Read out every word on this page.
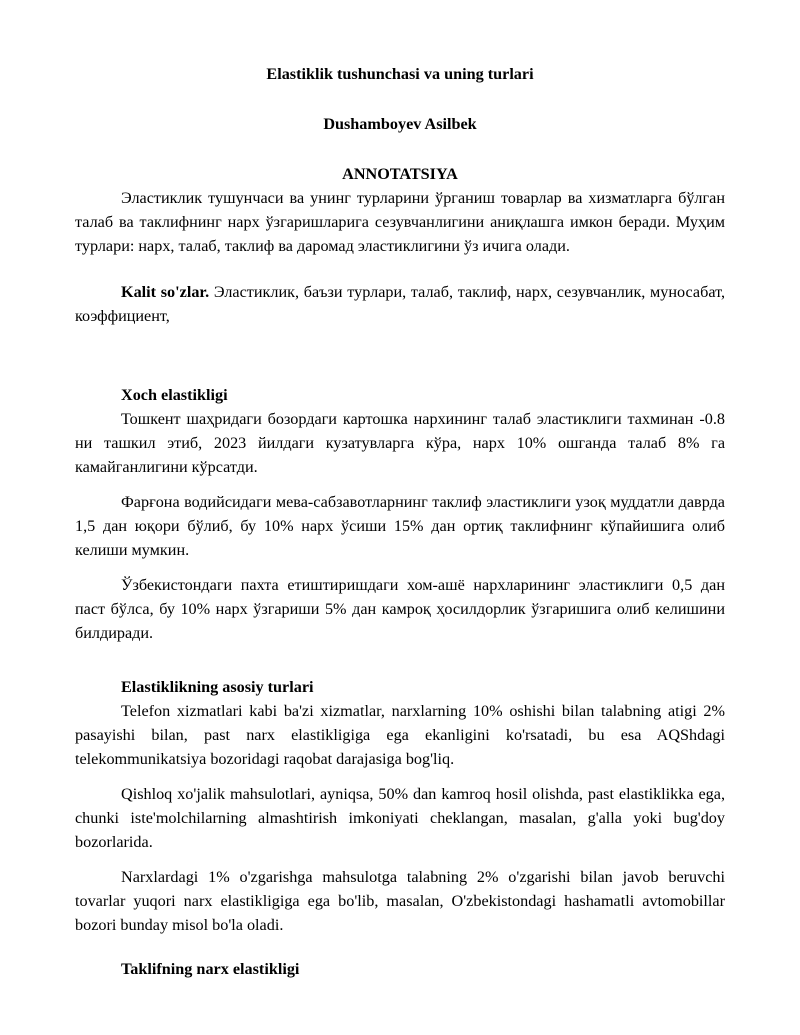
Elastiklik tushunchasi va uning turlari
Dushamboyev Asilbek
ANNOTATSIYA

Эластиклик тушунчаси ва унинг турларини ўрганиш товарлар ва хизматларга бўлган талаб ва таклифнинг нарх ўзгаришларига сезувчанлигини аниқлашга имкон беради. Муҳим турлари: нарх, талаб, таклиф ва даромад эластиклигини ўз ичига олади.

Kalit so'zlar. Эластиклик, баъзи турлари, талаб, таклиф, нарх, сезувчанлик, муносабат, коэффициент,

Xoch elastikligi

Тошкент шаҳридаги бозордаги картошка нархининг талаб эластиклиги тахминан -0.8 ни ташкил этиб, 2023 йилдаги кузатувларга кўра, нарх 10% ошганда талаб 8% га камайганлигини кўрсатди.

Фарғона водийсидаги мева-сабзавотларнинг таклиф эластиклиги узоқ муддатли даврда 1,5 дан юқори бўлиб, бу 10% нарх ўсиши 15% дан ортиқ таклифнинг кўпайишига олиб келиши мумкин.

Ўзбекистондаги пахта етиштиришдаги хом-ашё нархларининг эластиклиги 0,5 дан паст бўлса, бу 10% нарх ўзгариши 5% дан камроқ ҳосилдорлик ўзгаришига олиб келишини билдиради.

Elastiklikning asosiy turlari

Telefon xizmatlari kabi ba'zi xizmatlar, narxlarning 10% oshishi bilan talabning atigi 2% pasayishi bilan, past narx elastikligiga ega ekanligini ko'rsatadi, bu esa AQShdagi telekommunikatsiya bozoridagi raqobat darajasiga bog'liq.

Qishloq xo'jalik mahsulotlari, ayniqsa, 50% dan kamroq hosil olishda, past elastiklikka ega, chunki iste'molchilarning almashtirish imkoniyati cheklangan, masalan, g'alla yoki bug'doy bozorlarida.

Narxlardagi 1% o'zgarishga mahsulotga talabning 2% o'zgarishi bilan javob beruvchi tovarlar yuqori narx elastikligiga ega bo'lib, masalan, O'zbekistondagi hashamatli avtomobillar bozori bunday misol bo'la oladi.

Taklifning narx elastikligi
